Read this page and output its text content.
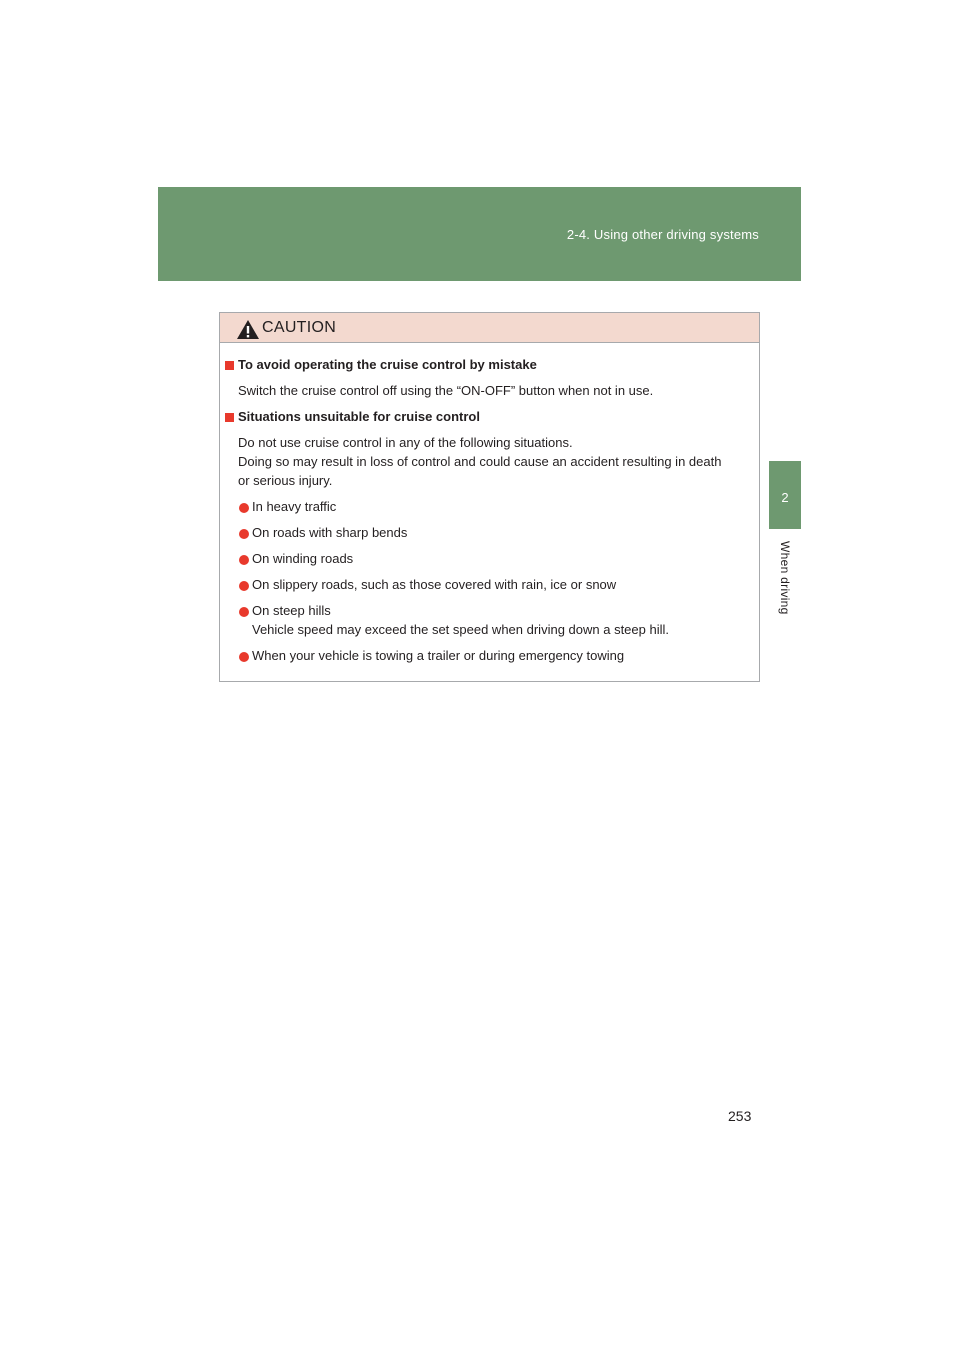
2-4. Using other driving systems
2
When driving
CAUTION
To avoid operating the cruise control by mistake
Switch the cruise control off using the “ON-OFF” button when not in use.
Situations unsuitable for cruise control
Do not use cruise control in any of the following situations.
Doing so may result in loss of control and could cause an accident resulting in death
or serious injury.
In heavy traffic
On roads with sharp bends
On winding roads
On slippery roads, such as those covered with rain, ice or snow
On steep hills
Vehicle speed may exceed the set speed when driving down a steep hill.
When your vehicle is towing a trailer or during emergency towing
253
